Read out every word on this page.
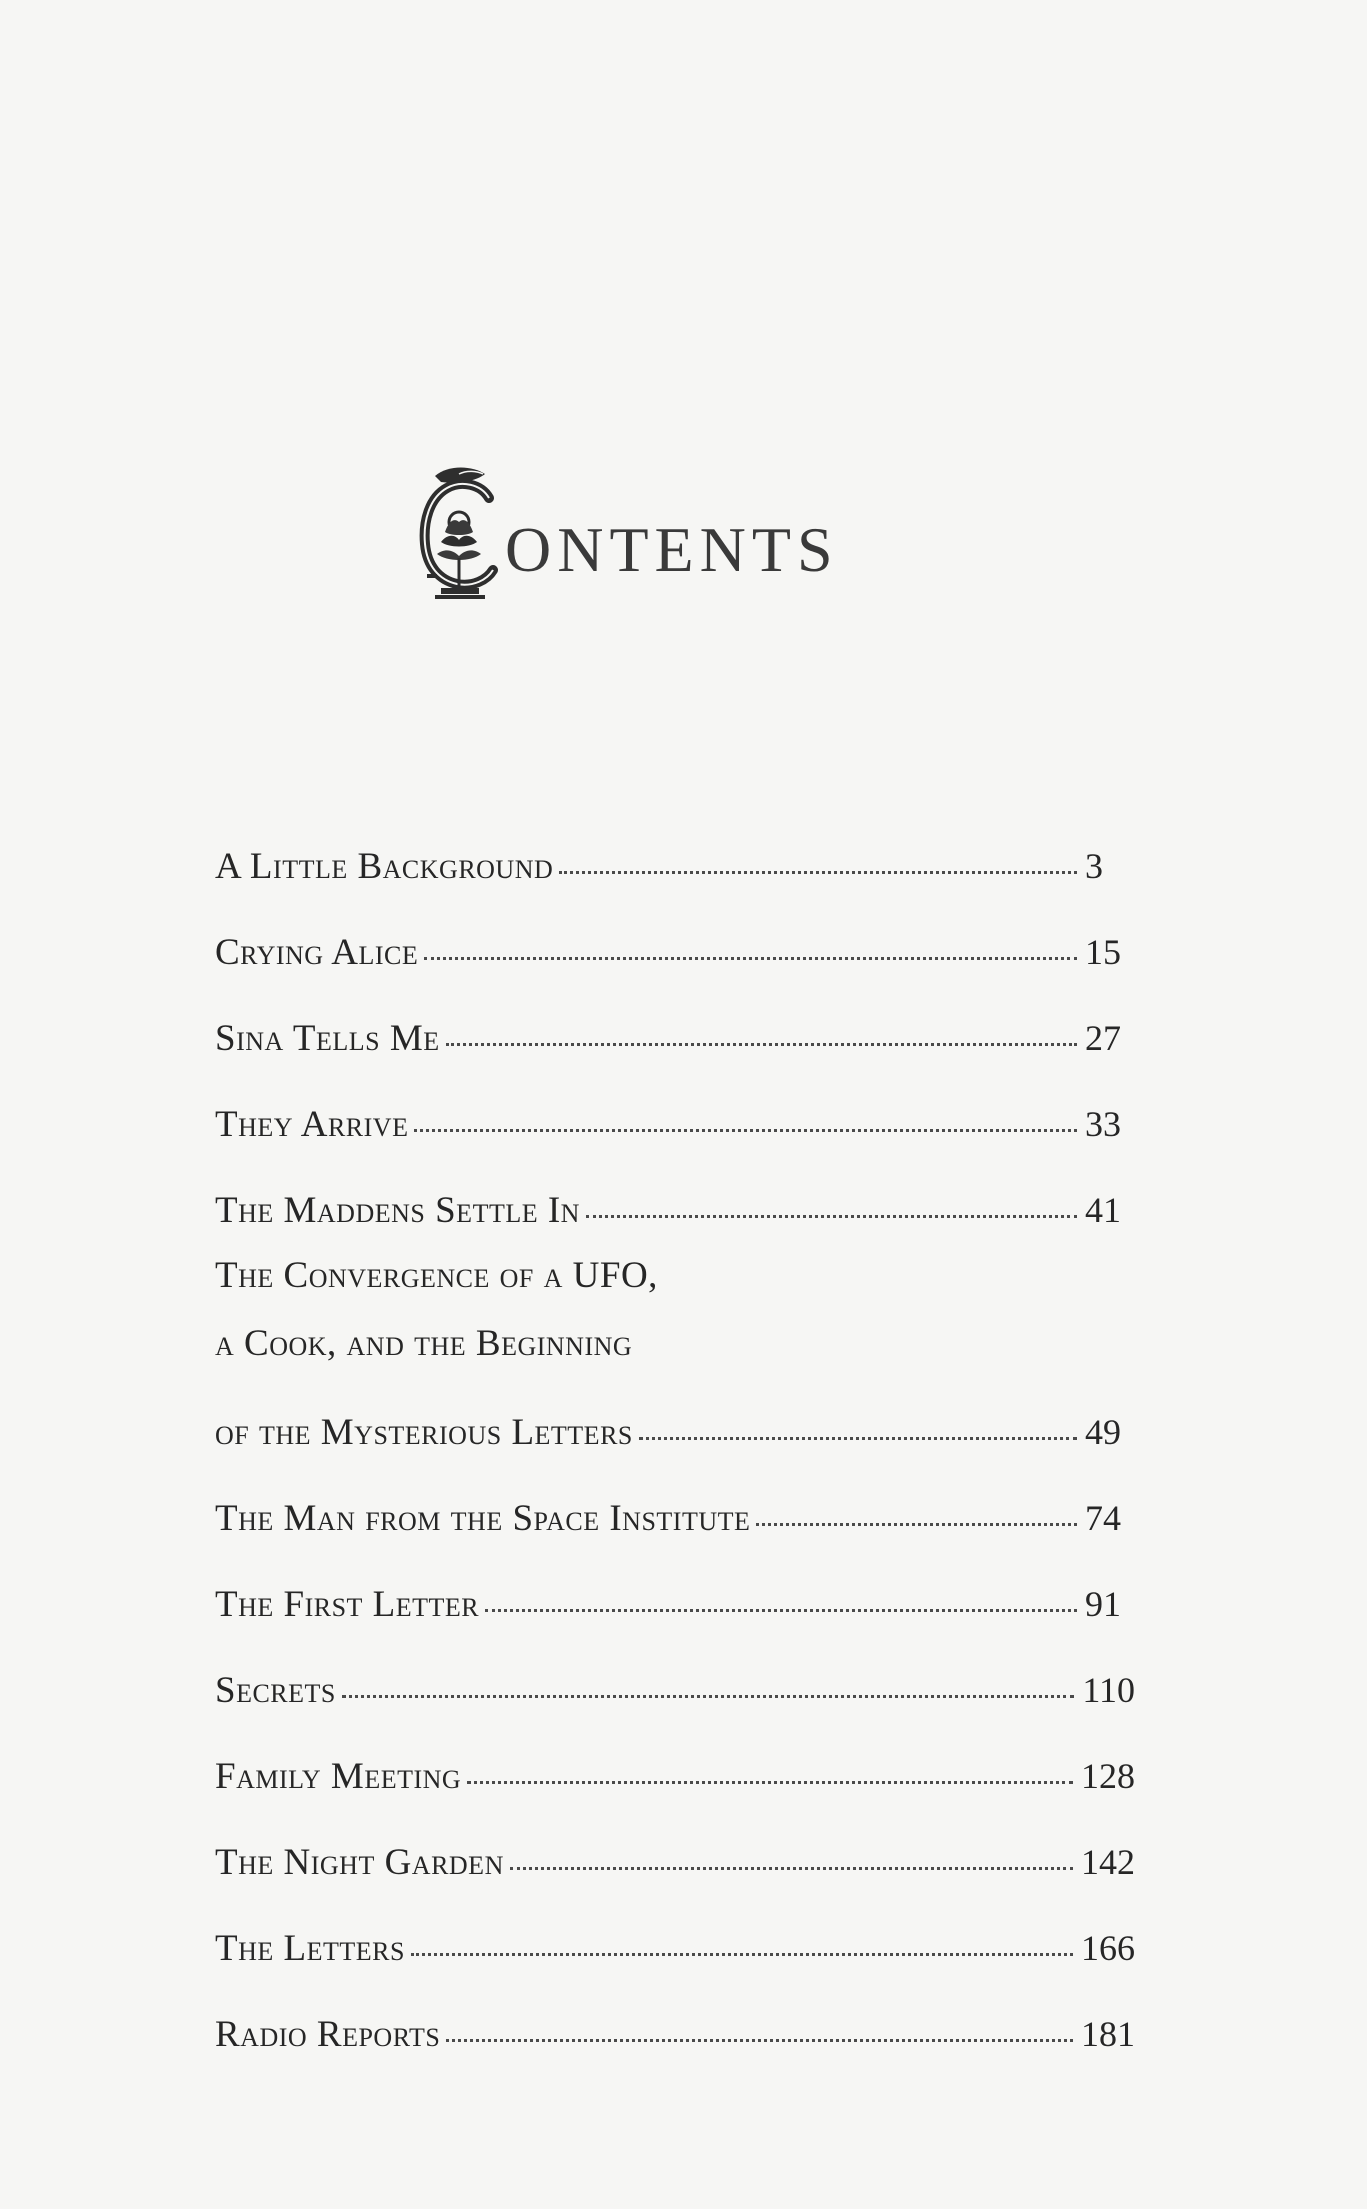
ONTENTS
A Little Background	3
Crying Alice	15
Sina Tells Me	27
They Arrive	33
The Maddens Settle In	41
The Convergence of a UFO,
a Cook, and the Beginning
of the Mysterious Letters	49
The Man from the Space Institute	74
The First Letter	91
Secrets	110
Family Meeting	128
The Night Garden	142
The Letters	166
Radio Reports	181
